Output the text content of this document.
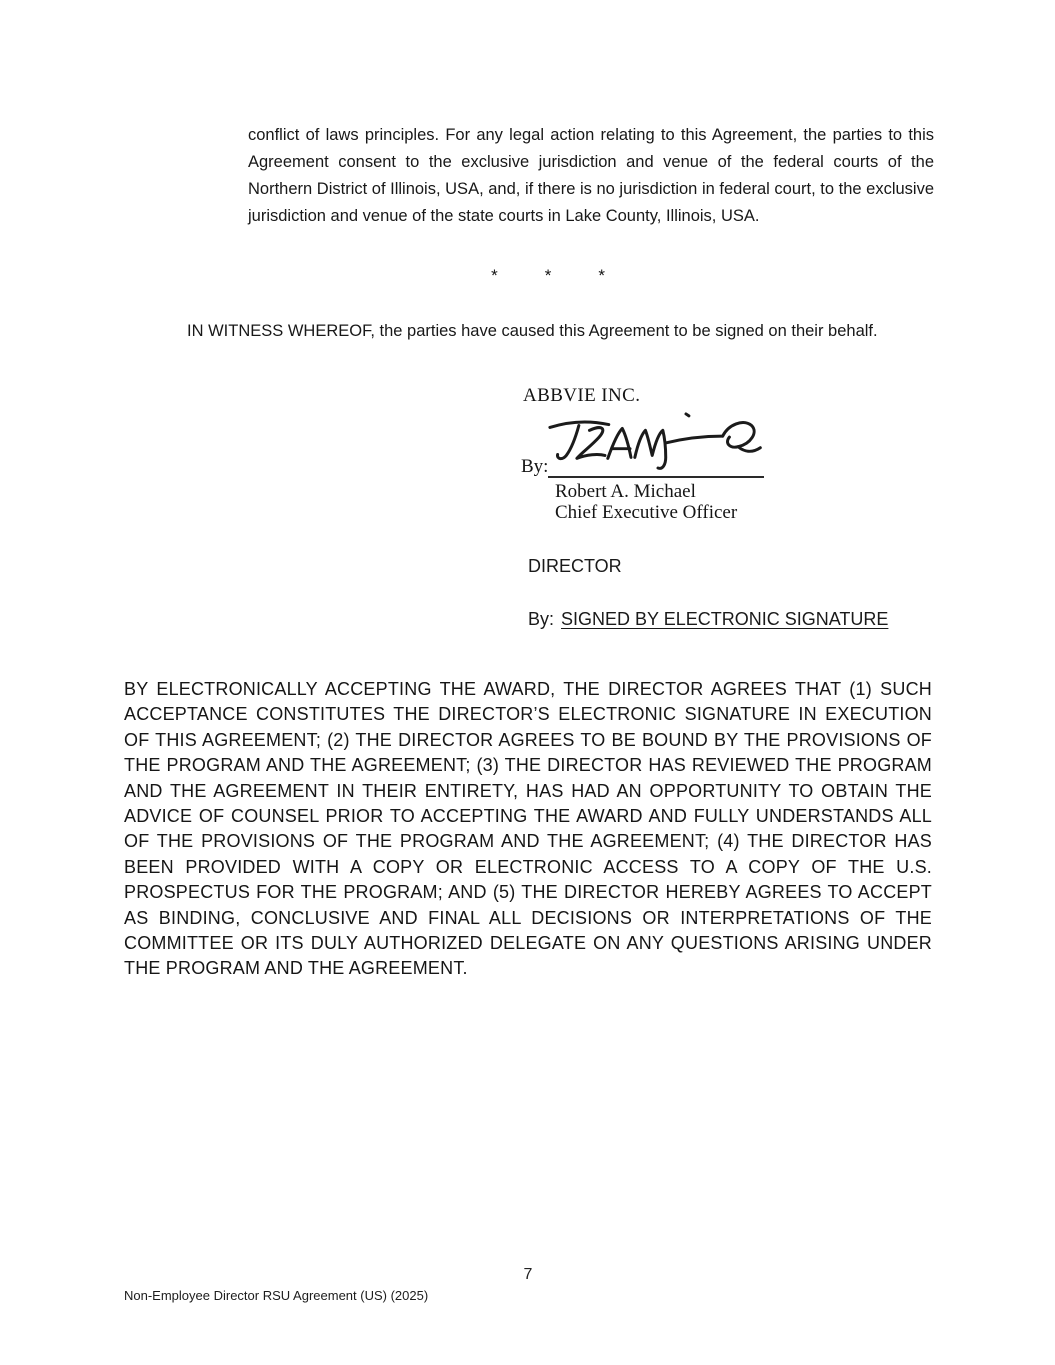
conflict of laws principles. For any legal action relating to this Agreement, the parties to this Agreement consent to the exclusive jurisdiction and venue of the federal courts of the Northern District of Illinois, USA, and, if there is no jurisdiction in federal court, to the exclusive jurisdiction and venue of the state courts in Lake County, Illinois, USA.

*	*	*

IN WITNESS WHEREOF, the parties have caused this Agreement to be signed on their behalf.

ABBVIE INC.
By:
Robert A. Michael
Chief Executive Officer
DIRECTOR
By: SIGNED BY ELECTRONIC SIGNATURE

BY ELECTRONICALLY ACCEPTING THE AWARD, THE DIRECTOR AGREES THAT (1) SUCH ACCEPTANCE CONSTITUTES THE DIRECTOR’S ELECTRONIC SIGNATURE IN EXECUTION OF THIS AGREEMENT; (2) THE DIRECTOR AGREES TO BE BOUND BY THE PROVISIONS OF THE PROGRAM AND THE AGREEMENT; (3) THE DIRECTOR HAS REVIEWED THE PROGRAM AND THE AGREEMENT IN THEIR ENTIRETY, HAS HAD AN OPPORTUNITY TO OBTAIN THE ADVICE OF COUNSEL PRIOR TO ACCEPTING THE AWARD AND FULLY UNDERSTANDS ALL OF THE PROVISIONS OF THE PROGRAM AND THE AGREEMENT; (4) THE DIRECTOR HAS BEEN PROVIDED WITH A COPY OR ELECTRONIC ACCESS TO A COPY OF THE U.S. PROSPECTUS FOR THE PROGRAM; AND (5) THE DIRECTOR HEREBY AGREES TO ACCEPT AS BINDING, CONCLUSIVE AND FINAL ALL DECISIONS OR INTERPRETATIONS OF THE COMMITTEE OR ITS DULY AUTHORIZED DELEGATE ON ANY QUESTIONS ARISING UNDER THE PROGRAM AND THE AGREEMENT.

7
Non-Employee Director RSU Agreement (US) (2025)
